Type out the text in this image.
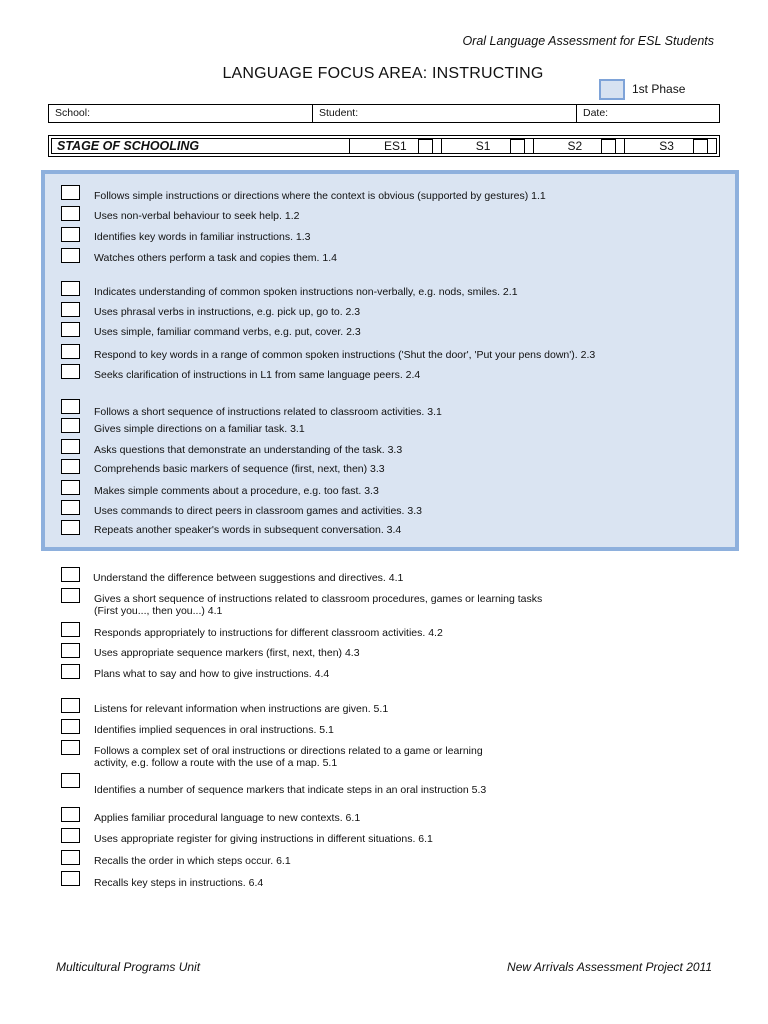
Oral Language Assessment for ESL Students
LANGUAGE FOCUS AREA: INSTRUCTING
1st Phase
School:	Student:	Date:
STAGE OF SCHOOLING	ES1	S1	S2	S3
Follows simple instructions or directions where the context is obvious (supported by gestures) 1.1
Uses non-verbal behaviour to seek help. 1.2
Identifies key words in familiar instructions. 1.3
Watches others perform a task and copies them. 1.4
Indicates understanding of common spoken instructions non-verbally, e.g. nods, smiles. 2.1
Uses phrasal verbs in instructions, e.g. pick up, go to. 2.3
Uses simple, familiar command verbs, e.g. put, cover. 2.3
Respond to key words in a range of common spoken instructions ('Shut the door', 'Put your pens down'). 2.3
Seeks clarification of instructions in L1 from same language peers. 2.4
Follows a short sequence of instructions related to classroom activities. 3.1
Gives simple directions on a familiar task. 3.1
Asks questions that demonstrate an understanding of the task. 3.3
Comprehends basic markers of sequence (first, next, then) 3.3
Makes simple comments about a procedure, e.g. too fast. 3.3
Uses commands to direct peers in classroom games and activities. 3.3
Repeats another speaker's words in subsequent conversation. 3.4
Understand the difference between suggestions and directives. 4.1
Gives a short sequence of instructions related to classroom procedures, games or learning tasks
(First you..., then you...) 4.1
Responds appropriately to instructions for different classroom activities. 4.2
Uses appropriate sequence markers (first, next, then) 4.3
Plans what to say and how to give instructions. 4.4
Listens for relevant information when instructions are given. 5.1
Identifies implied sequences in oral instructions. 5.1
Follows a complex set of oral instructions or directions related to a game or learning
activity, e.g. follow a route with the use of a map. 5.1
Identifies a number of sequence markers that indicate steps in an oral instruction 5.3
Applies familiar procedural language to new contexts. 6.1
Uses appropriate register for giving instructions in different situations. 6.1
Recalls the order in which steps occur. 6.1
Recalls key steps in instructions. 6.4
Multicultural Programs Unit	New Arrivals Assessment Project 2011
